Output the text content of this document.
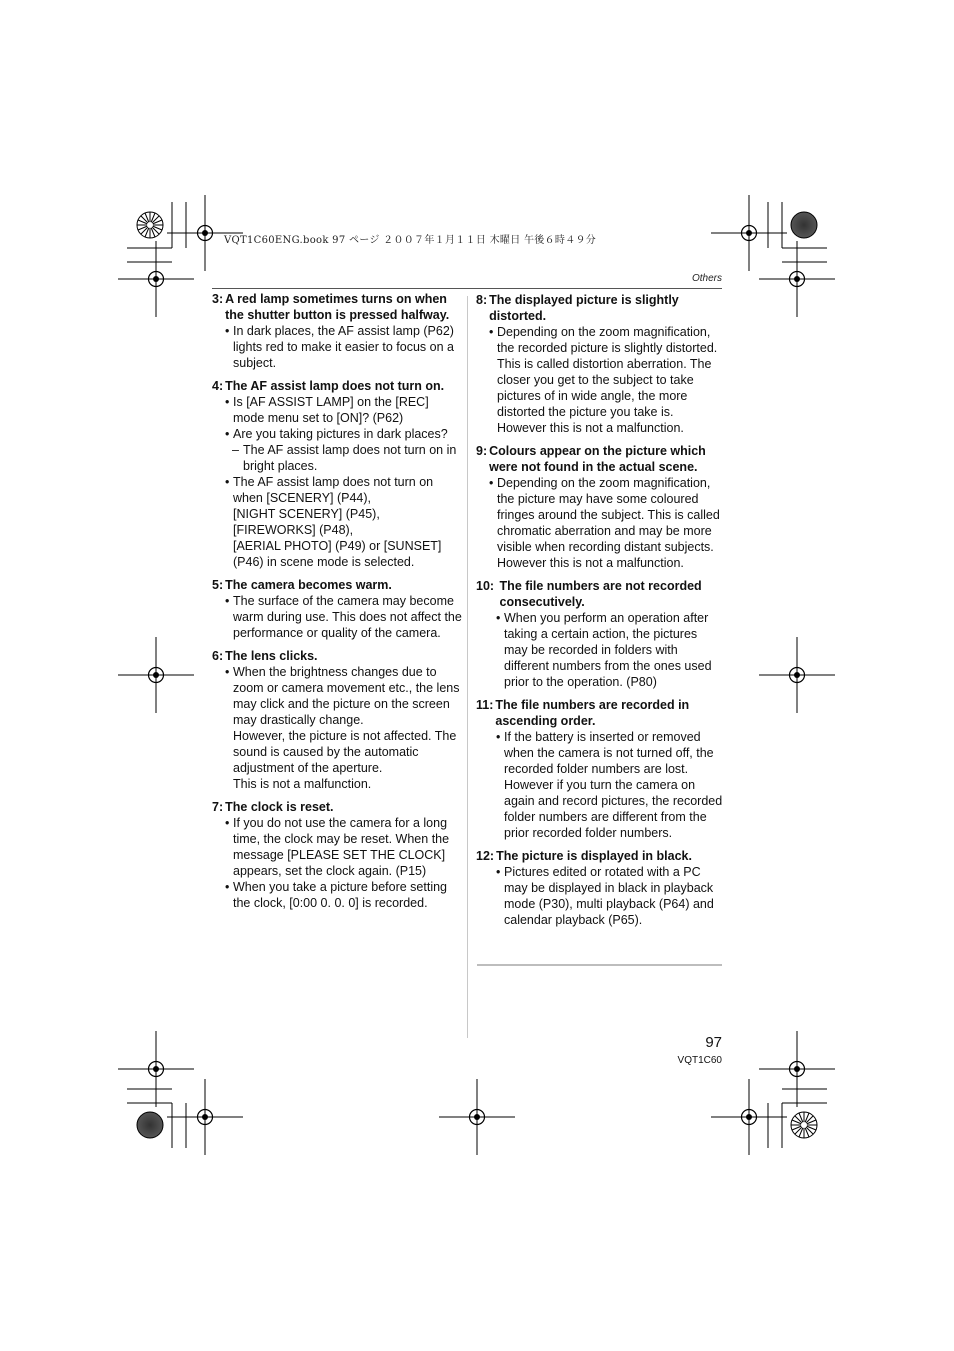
VQT1C60ENG.book 97 ページ ２００７年１月１１日 木曜日 午後６時４９分
Others
3: A red lamp sometimes turns on when the shutter button is pressed halfway.
• In dark places, the AF assist lamp (P62) lights red to make it easier to focus on a subject.
4: The AF assist lamp does not turn on.
• Is [AF ASSIST LAMP] on the [REC] mode menu set to [ON]? (P62)
• Are you taking pictures in dark places?
– The AF assist lamp does not turn on in bright places.
• The AF assist lamp does not turn on when [SCENERY] (P44),
[NIGHT SCENERY] (P45),
[FIREWORKS] (P48),
[AERIAL PHOTO] (P49) or [SUNSET] (P46) in scene mode is selected.
5: The camera becomes warm.
• The surface of the camera may become warm during use. This does not affect the performance or quality of the camera.
6: The lens clicks.
• When the brightness changes due to zoom or camera movement etc., the lens may click and the picture on the screen may drastically change.
However, the picture is not affected. The sound is caused by the automatic adjustment of the aperture.
This is not a malfunction.
7: The clock is reset.
• If you do not use the camera for a long time, the clock may be reset. When the message [PLEASE SET THE CLOCK] appears, set the clock again. (P15)
• When you take a picture before setting the clock, [0:00 0. 0. 0] is recorded.
8: The displayed picture is slightly distorted.
• Depending on the zoom magnification, the recorded picture is slightly distorted. This is called distortion aberration. The closer you get to the subject to take pictures of in wide angle, the more distorted the picture you take is.
However this is not a malfunction.
9: Colours appear on the picture which were not found in the actual scene.
• Depending on the zoom magnification, the picture may have some coloured fringes around the subject. This is called chromatic aberration and may be more visible when recording distant subjects. However this is not a malfunction.
10: The file numbers are not recorded consecutively.
• When you perform an operation after taking a certain action, the pictures may be recorded in folders with different numbers from the ones used prior to the operation. (P80)
11: The file numbers are recorded in ascending order.
• If the battery is inserted or removed when the camera is not turned off, the recorded folder numbers are lost. However if you turn the camera on again and record pictures, the recorded folder numbers are different from the prior recorded folder numbers.
12: The picture is displayed in black.
• Pictures edited or rotated with a PC may be displayed in black in playback mode (P30), multi playback (P64) and calendar playback (P65).
97
VQT1C60
